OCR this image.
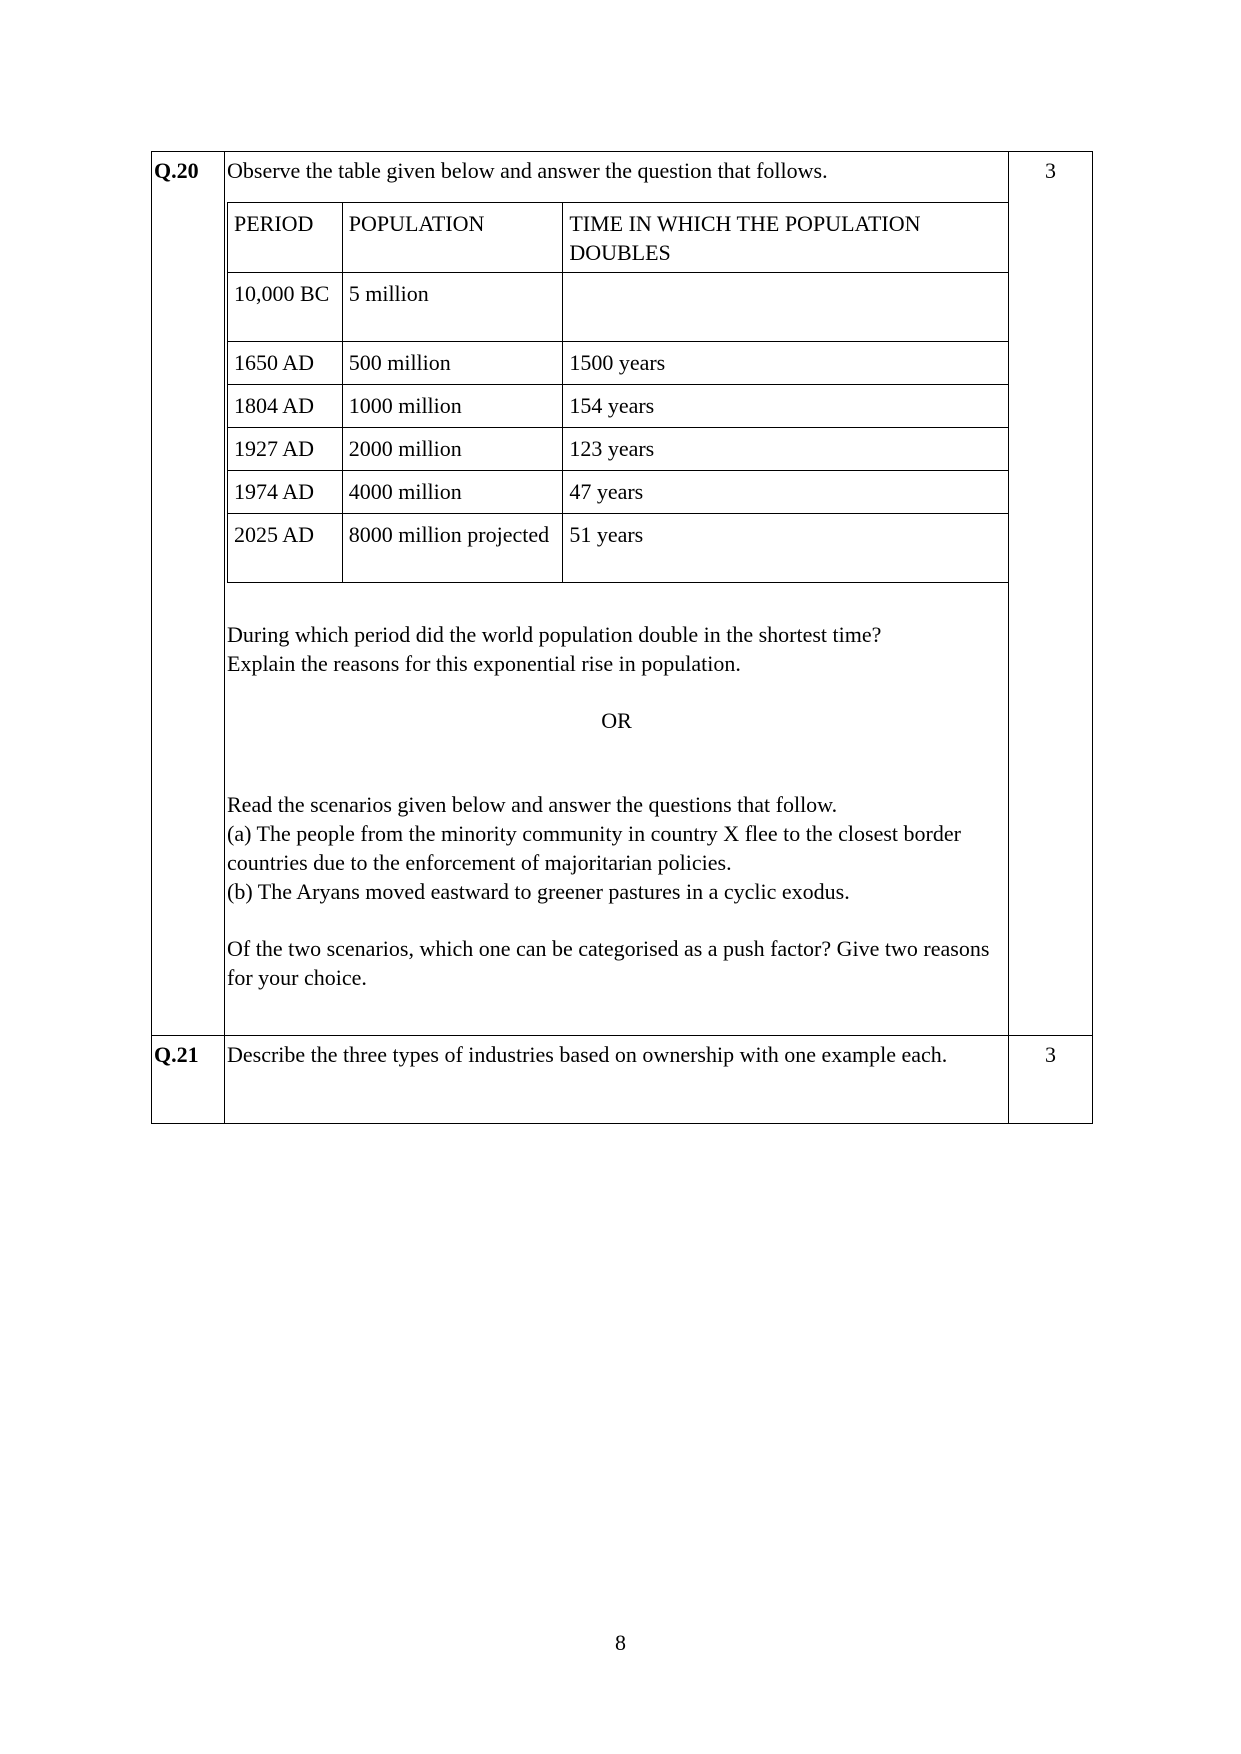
Q.20	Observe the table given below and answer the question that follows.

PERIOD	POPULATION	TIME IN WHICH THE POPULATION DOUBLES
10,000 BC	5 million	
1650 AD	500 million	1500 years
1804 AD	1000 million	154 years
1927 AD	2000 million	123 years
1974 AD	4000 million	47 years
2025 AD	8000 million projected	51 years

During which period did the world population double in the shortest time?

Explain the reasons for this exponential rise in population.

OR

Read the scenarios given below and answer the questions that follow.

(a) The people from the minority community in country X flee to the closest border countries due to the enforcement of majoritarian policies.

(b) The Aryans moved eastward to greener pastures in a cyclic exodus.

Of the two scenarios, which one can be categorised as a push factor? Give two reasons for your choice.

	3
Q.21	Describe the three types of industries based on ownership with one example each.	3
8
